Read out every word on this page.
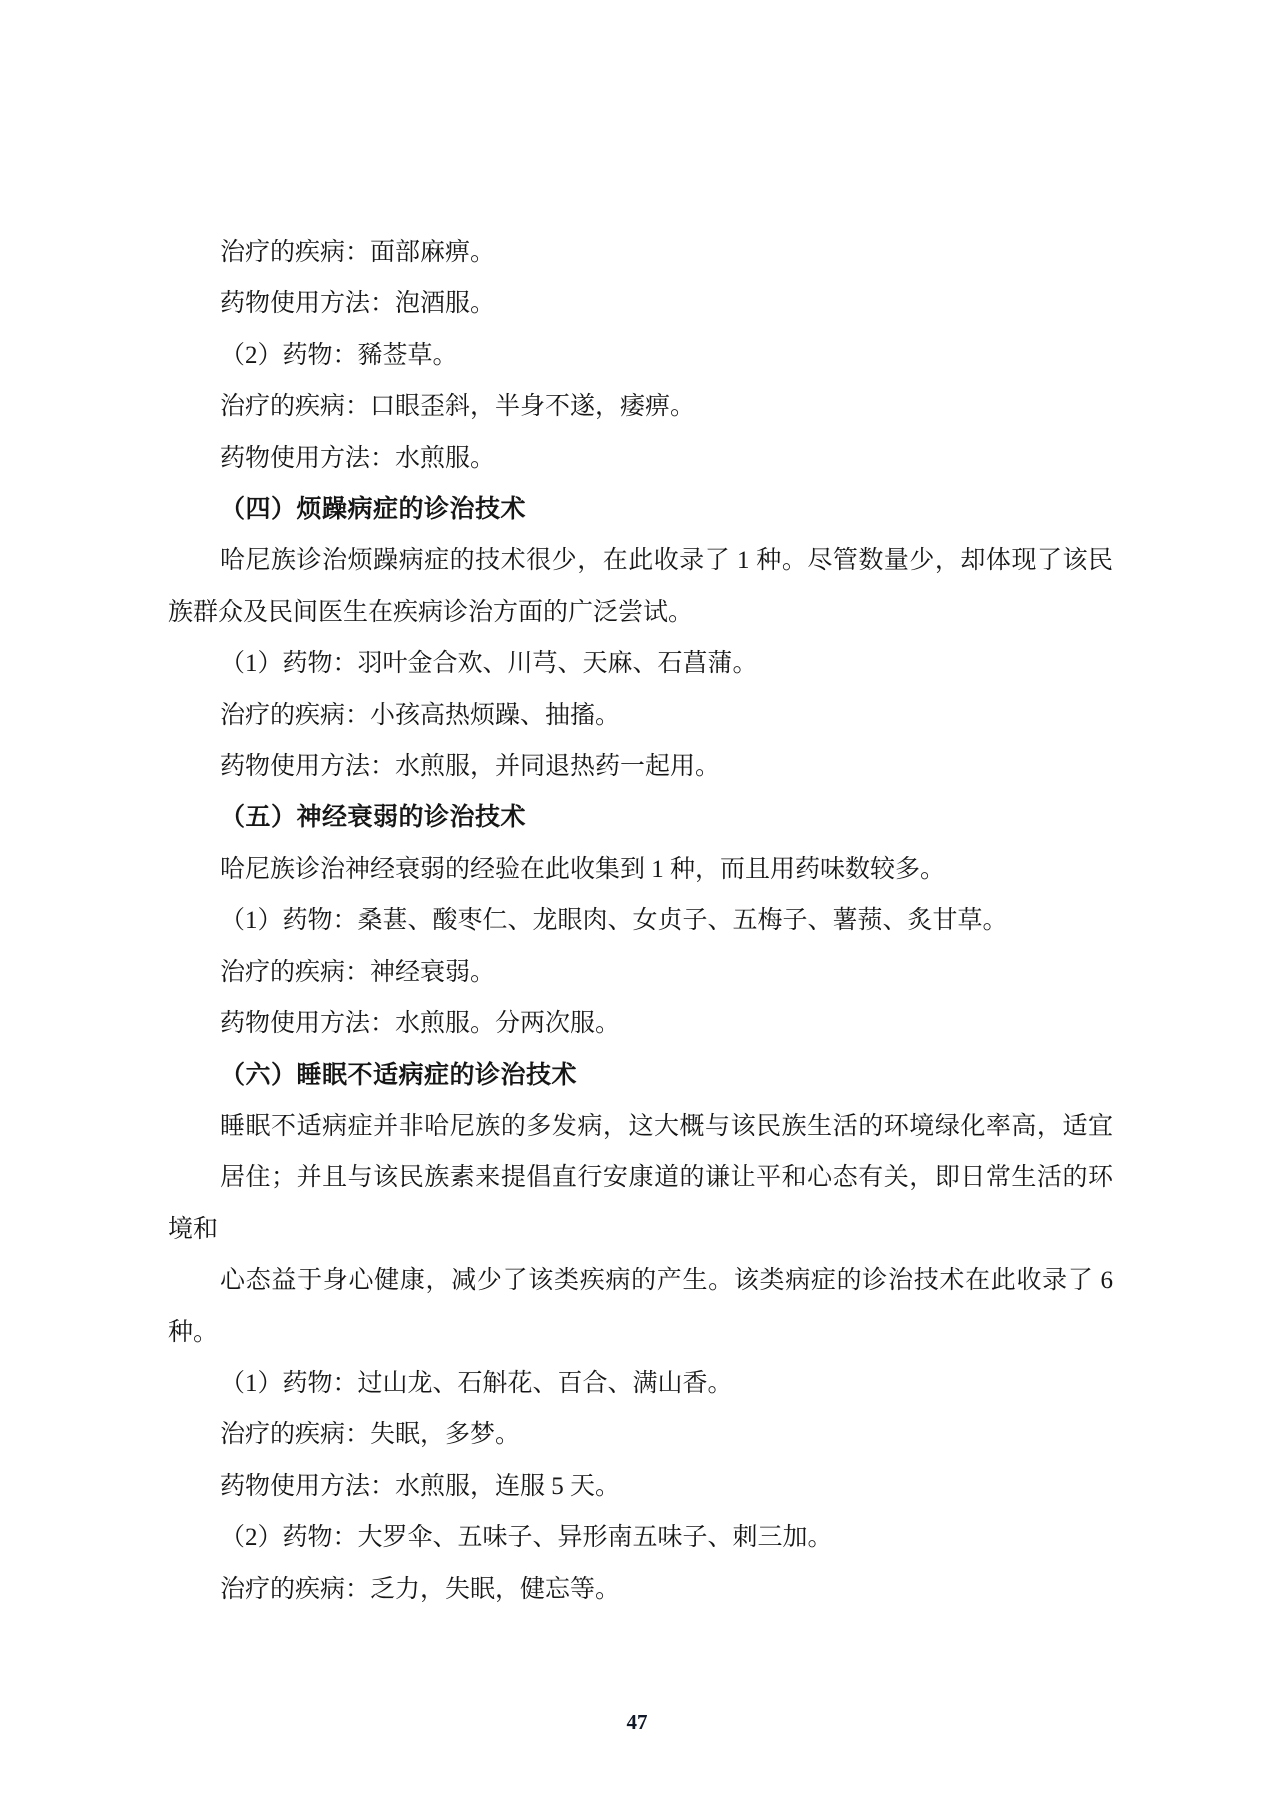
治疗的疾病：面部麻痹。
药物使用方法：泡酒服。
（2）药物：豨莶草。
治疗的疾病：口眼歪斜，半身不遂，痿痹。
药物使用方法：水煎服。
（四）烦躁病症的诊治技术
哈尼族诊治烦躁病症的技术很少，在此收录了 1 种。尽管数量少，却体现了该民
族群众及民间医生在疾病诊治方面的广泛尝试。
（1）药物：羽叶金合欢、川芎、天麻、石菖蒲。
治疗的疾病：小孩高热烦躁、抽搐。
药物使用方法：水煎服，并同退热药一起用。
（五）神经衰弱的诊治技术
哈尼族诊治神经衰弱的经验在此收集到 1 种，而且用药味数较多。
（1）药物：桑葚、酸枣仁、龙眼肉、女贞子、五梅子、薯蓣、炙甘草。
治疗的疾病：神经衰弱。
药物使用方法：水煎服。分两次服。
（六）睡眠不适病症的诊治技术
睡眠不适病症并非哈尼族的多发病，这大概与该民族生活的环境绿化率高，适宜
居住；并且与该民族素来提倡直行安康道的谦让平和心态有关，即日常生活的环
境和
心态益于身心健康，减少了该类疾病的产生。该类病症的诊治技术在此收录了 6
种。
（1）药物：过山龙、石斛花、百合、满山香。
治疗的疾病：失眠，多梦。
药物使用方法：水煎服，连服 5 天。
（2）药物：大罗伞、五味子、异形南五味子、刺三加。
治疗的疾病：乏力，失眠，健忘等。
47
